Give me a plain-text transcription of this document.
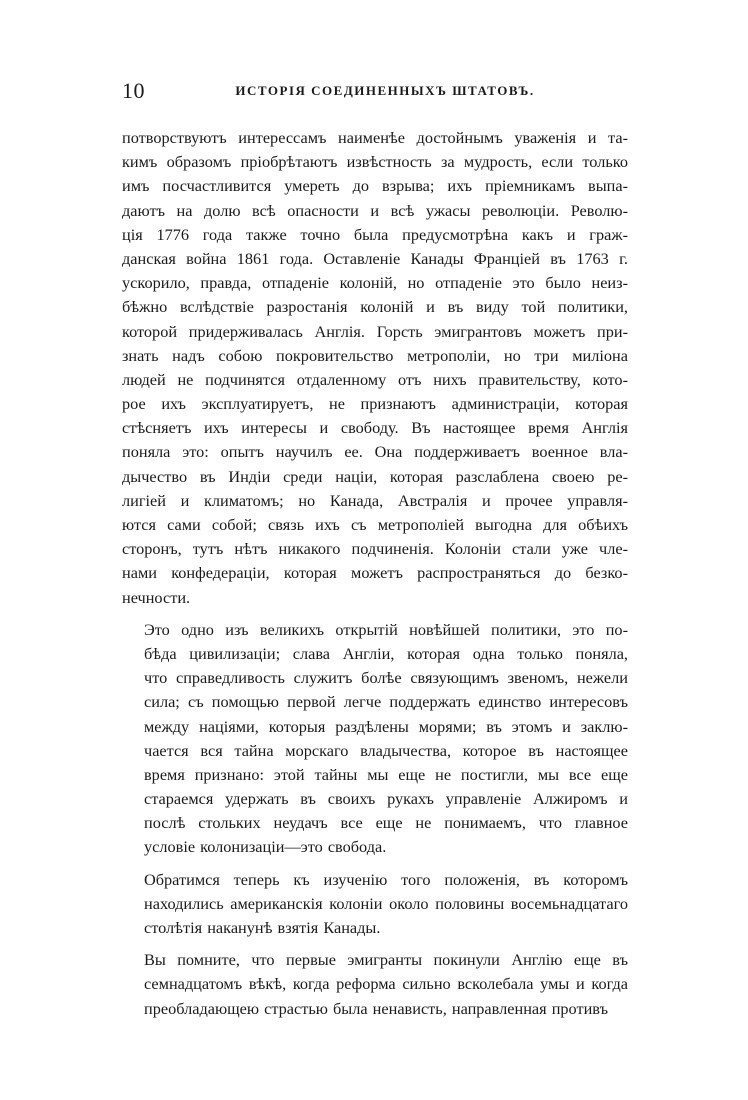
10	ИСТОРІЯ СОЕДИНЕННЫХЪ ШТАТОВЪ.
потворствуютъ интерессамъ наименѣе достойнымъ уваженія и та-
кимъ образомъ пріобрѣтаютъ извѣстность за мудрость, если только
имъ посчастливится умереть до взрыва; ихъ пріемникамъ выпа-
даютъ на долю всѣ опасности и всѣ ужасы революціи. Револю-
ція 1776 года также точно была предусмотрѣна какъ и граж-
данская война 1861 года. Оставленіе Канады Франціей въ 1763 г.
ускорило, правда, отпаденіе колоній, но отпаденіе это было неиз-
бѣжно вслѣдствіе разростанія колоній и въ виду той политики,
которой придерживалась Англія. Горсть эмигрантовъ можетъ при-
знать надъ собою покровительство метрополіи, но три миліона
людей не подчинятся отдаленному отъ нихъ правительству, кото-
рое ихъ эксплуатируетъ, не признаютъ администраціи, которая
стѣсняетъ ихъ интересы и свободу. Въ настоящее время Англія
поняла это: опытъ научилъ ее. Она поддерживаетъ военное вла-
дычество въ Индіи среди націи, которая разслаблена своею ре-
лигіей и климатомъ; но Канада, Австралія и прочее управля-
ются сами собой; связь ихъ съ метрополіей выгодна для обѣихъ
сторонъ, тутъ нѣтъ никакого подчиненія. Колоніи стали уже чле-
нами конфедераціи, которая можетъ распространяться до безко-
нечности.
Это одно изъ великихъ открытій новѣйшей политики, это по-
бѣда цивилизаціи; слава Англіи, которая одна только поняла,
что справедливость служитъ болѣе связующимъ звеномъ, нежели
сила; съ помощью первой легче поддержать единство интересовъ
между націями, которыя раздѣлены морями; въ этомъ и заклю-
чается вся тайна морскаго владычества, которое въ настоящее
время признано: этой тайны мы еще не постигли, мы все еще
стараемся удержать въ своихъ рукахъ управленіе Алжиромъ и
послѣ стольких неудачъ все еще не понимаемъ, что главное
условіе колонизаціи—это свобода.
Обратимся теперь къ изученію того положенія, въ которомъ
находились американскія колоніи около половины восемьнадцатаго
столѣтія наканунѣ взятія Канады.
Вы помните, что первые эмигранты покинули Англію еще въ
семнадцатомъ вѣкѣ, когда реформа сильно всколебала умы и когда
преобладающею страстью была ненависть, направленная противъ
